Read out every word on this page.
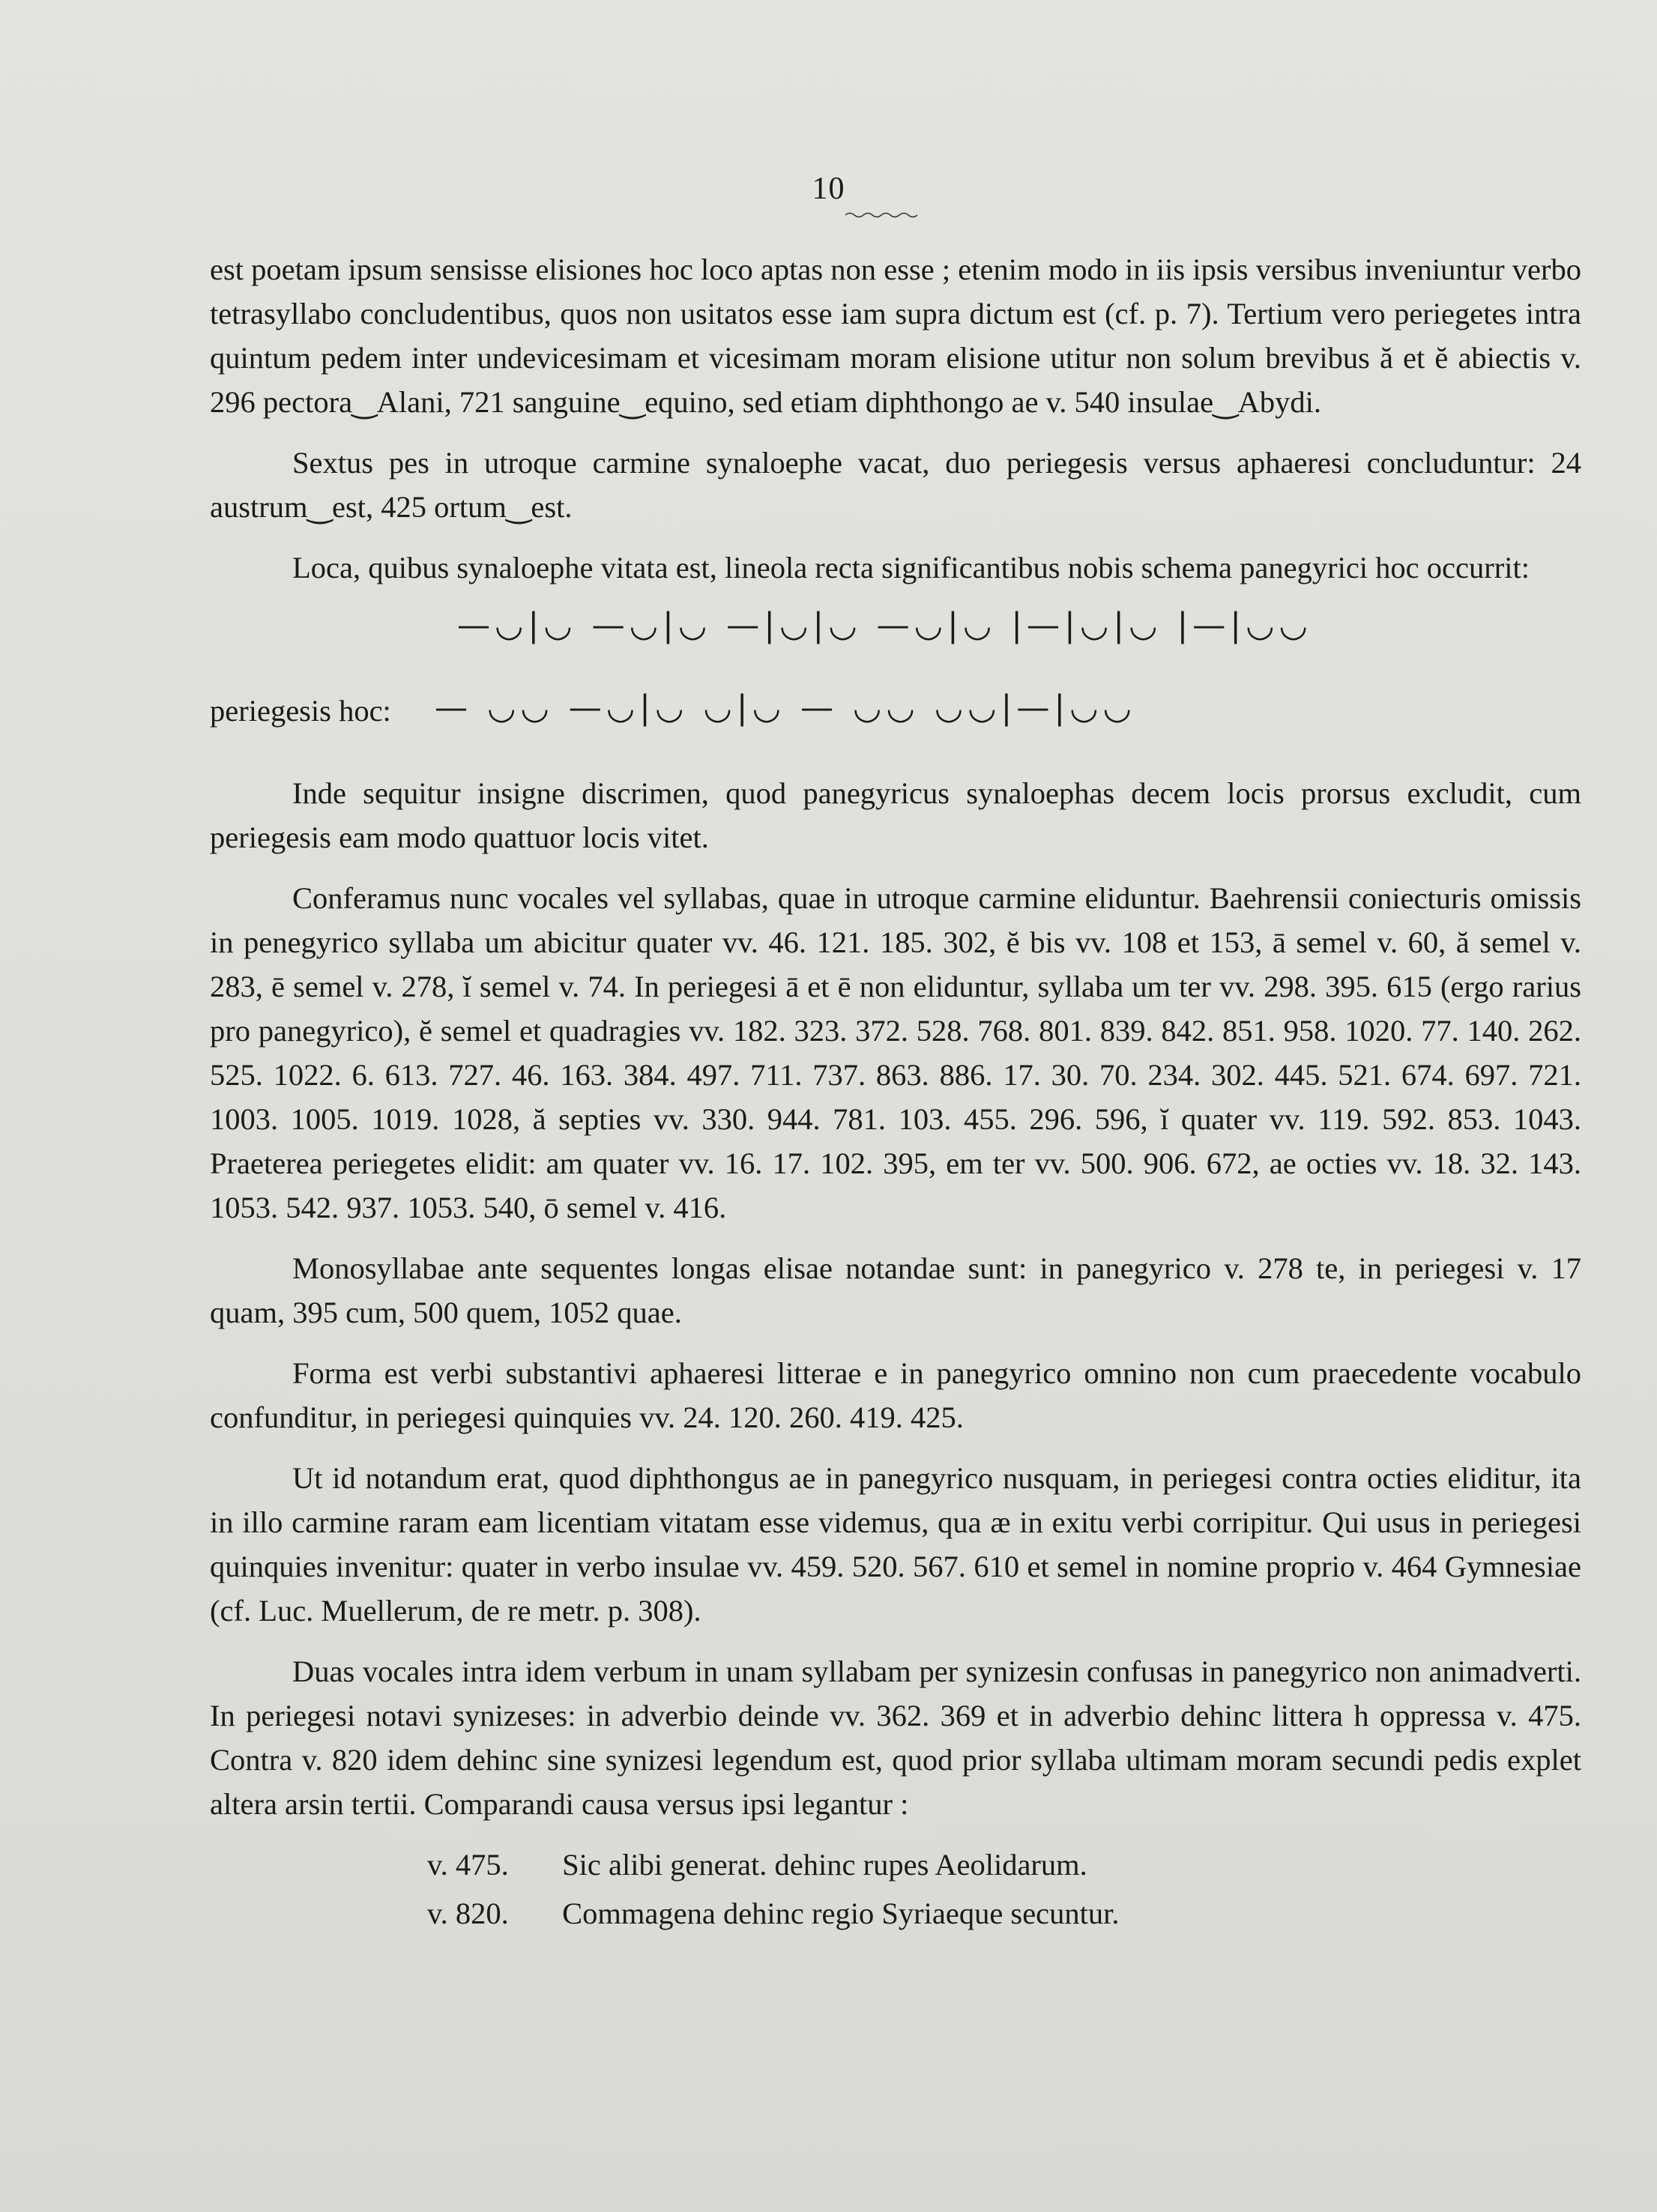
10

est poetam ipsum sensisse elisiones hoc loco aptas non esse ; etenim modo in iis ipsis versibus inveniuntur verbo tetrasyllabo concludentibus, quos non usitatos esse iam supra dictum est (cf. p. 7). Tertium vero periegetes intra quintum pedem inter undevicesimam et vicesimam moram elisione utitur non solum brevibus ă et ĕ abiectis v. 296 pectora‿Alani, 721 sanguine‿equino, sed etiam diphthongo ae v. 540 insulae‿Abydi.

Sextus pes in utroque carmine synaloephe vacat, duo periegesis versus aphaeresi concluduntur: 24 austrum‿est, 425 ortum‿est.

Loca, quibus synaloephe vitata est, lineola recta significantibus nobis schema panegyrici hoc occurrit:

—◡|◡ —◡|◡ —|◡|◡ —◡|◡ |—|◡|◡ |—|◡◡
periegesis hoc: — ◡◡ —◡|◡ ◡|◡ — ◡◡ ◡◡|—|◡◡

Inde sequitur insigne discrimen, quod panegyricus synaloephas decem locis prorsus excludit, cum periegesis eam modo quattuor locis vitet.

Conferamus nunc vocales vel syllabas, quae in utroque carmine eliduntur. Baehrensii coniecturis omissis in penegyrico syllaba um abicitur quater vv. 46. 121. 185. 302, ĕ bis vv. 108 et 153, ā semel v. 60, ă semel v. 283, ē semel v. 278, ĭ semel v. 74. In periegesi ā et ē non eliduntur, syllaba um ter vv. 298. 395. 615 (ergo rarius pro panegyrico), ĕ semel et quadragies vv. 182. 323. 372. 528. 768. 801. 839. 842. 851. 958. 1020. 77. 140. 262. 525. 1022. 6. 613. 727. 46. 163. 384. 497. 711. 737. 863. 886. 17. 30. 70. 234. 302. 445. 521. 674. 697. 721. 1003. 1005. 1019. 1028, ă septies vv. 330. 944. 781. 103. 455. 296. 596, ĭ quater vv. 119. 592. 853. 1043. Praeterea periegetes elidit: am quater vv. 16. 17. 102. 395, em ter vv. 500. 906. 672, ae octies vv. 18. 32. 143. 1053. 542. 937. 1053. 540, ō semel v. 416.

Monosyllabae ante sequentes longas elisae notandae sunt: in panegyrico v. 278 te, in periegesi v. 17 quam, 395 cum, 500 quem, 1052 quae.

Forma est verbi substantivi aphaeresi litterae e in panegyrico omnino non cum praecedente vocabulo confunditur, in periegesi quinquies vv. 24. 120. 260. 419. 425.

Ut id notandum erat, quod diphthongus ae in panegyrico nusquam, in periegesi contra octies eliditur, ita in illo carmine raram eam licentiam vitatam esse videmus, qua æ in exitu verbi corripitur. Qui usus in periegesi quinquies invenitur: quater in verbo insulae vv. 459. 520. 567. 610 et semel in nomine proprio v. 464 Gymnesiae (cf. Luc. Muellerum, de re metr. p. 308).

Duas vocales intra idem verbum in unam syllabam per synizesin confusas in panegyrico non animadverti. In periegesi notavi synizeses: in adverbio deinde vv. 362. 369 et in adverbio dehinc littera h oppressa v. 475. Contra v. 820 idem dehinc sine synizesi legendum est, quod prior syllaba ultimam moram secundi pedis explet altera arsin tertii. Comparandi causa versus ipsi legantur :

v. 475. Sic alibi generat. dehinc rupes Aeolidarum.
v. 820. Commagena dehinc regio Syriaeque secuntur.
